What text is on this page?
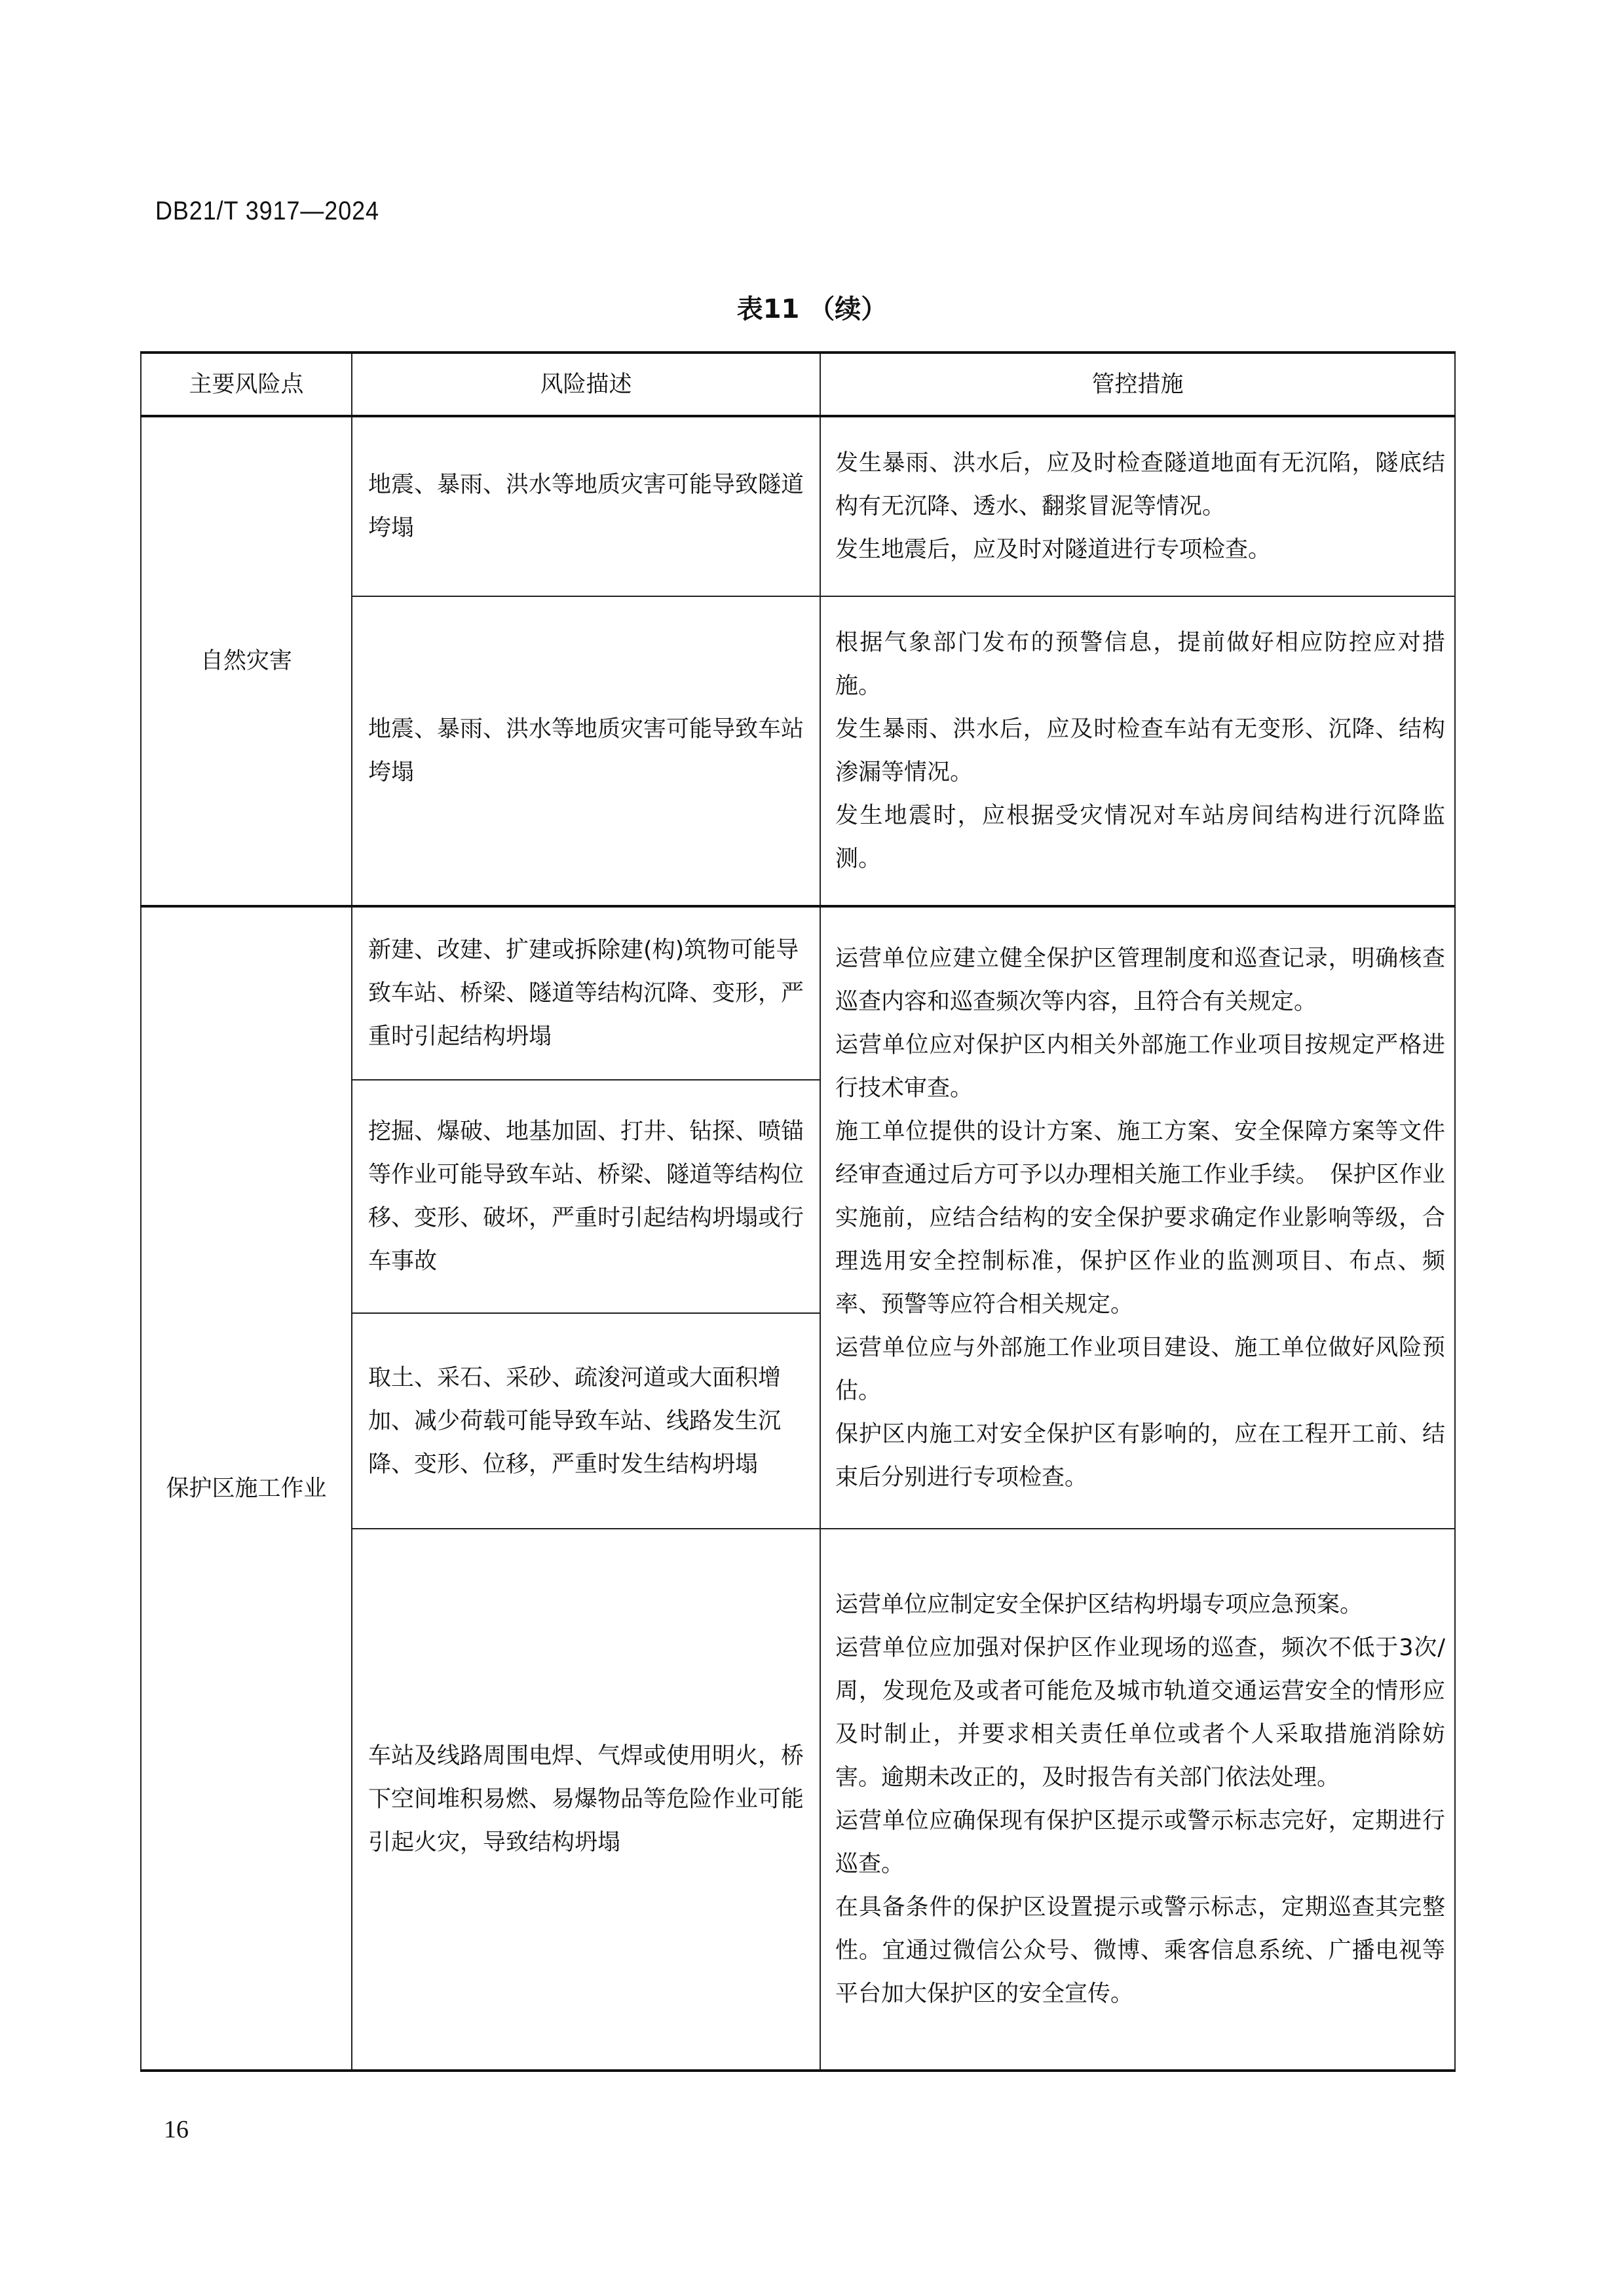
DB21/T 3917—2024
表11 （续）
主要风险点	风险描述	管控措施
自然灾害	地震、暴雨、洪水等地质灾害可能导致隧道垮塌	发生暴雨、洪水后，应及时检查隧道地面有无沉陷，隧底结构有无沉降、透水、翻浆冒泥等情况。
发生地震后，应及时对隧道进行专项检查。

	地震、暴雨、洪水等地质灾害可能导致车站垮塌	根据气象部门发布的预警信息，提前做好相应防控应对措施。
发生暴雨、洪水后，应及时检查车站有无变形、沉降、结构渗漏等情况。
发生地震时，应根据受灾情况对车站房间结构进行沉降监测。

保护区施工作业	新建、改建、扩建或拆除建(构)筑物可能导致车站、桥梁、隧道等结构沉降、变形，严重时引起结构坍塌	运营单位应建立健全保护区管理制度和巡查记录，明确核查巡查内容和巡查频次等内容，且符合有关规定。
运营单位应对保护区内相关外部施工作业项目按规定严格进行技术审查。
施工单位提供的设计方案、施工方案、安全保障方案等文件经审查通过后方可予以办理相关施工作业手续。　保护区作业实施前，应结合结构的安全保护要求确定作业影响等级，合理选用安全控制标准，保护区作业的监测项目、布点、频率、预警等应符合相关规定。
运营单位应与外部施工作业项目建设、施工单位做好风险预估。
保护区内施工对安全保护区有影响的，应在工程开工前、结束后分别进行专项检查。

	挖掘、爆破、地基加固、打井、钻探、喷锚等作业可能导致车站、桥梁、隧道等结构位移、变形、破坏，严重时引起结构坍塌或行车事故	
	取土、采石、采砂、疏浚河道或大面积增加、减少荷载可能导致车站、线路发生沉降、变形、位移，严重时发生结构坍塌	
	车站及线路周围电焊、气焊或使用明火，桥下空间堆积易燃、易爆物品等危险作业可能引起火灾，导致结构坍塌	运营单位应制定安全保护区结构坍塌专项应急预案。
运营单位应加强对保护区作业现场的巡查，频次不低于3次/周，发现危及或者可能危及城市轨道交通运营安全的情形应及时制止，并要求相关责任单位或者个人采取措施消除妨害。逾期未改正的，及时报告有关部门依法处理。
运营单位应确保现有保护区提示或警示标志完好，定期进行巡查。
在具备条件的保护区设置提示或警示标志，定期巡查其完整性。宜通过微信公众号、微博、乘客信息系统、广播电视等平台加大保护区的安全宣传。
16
